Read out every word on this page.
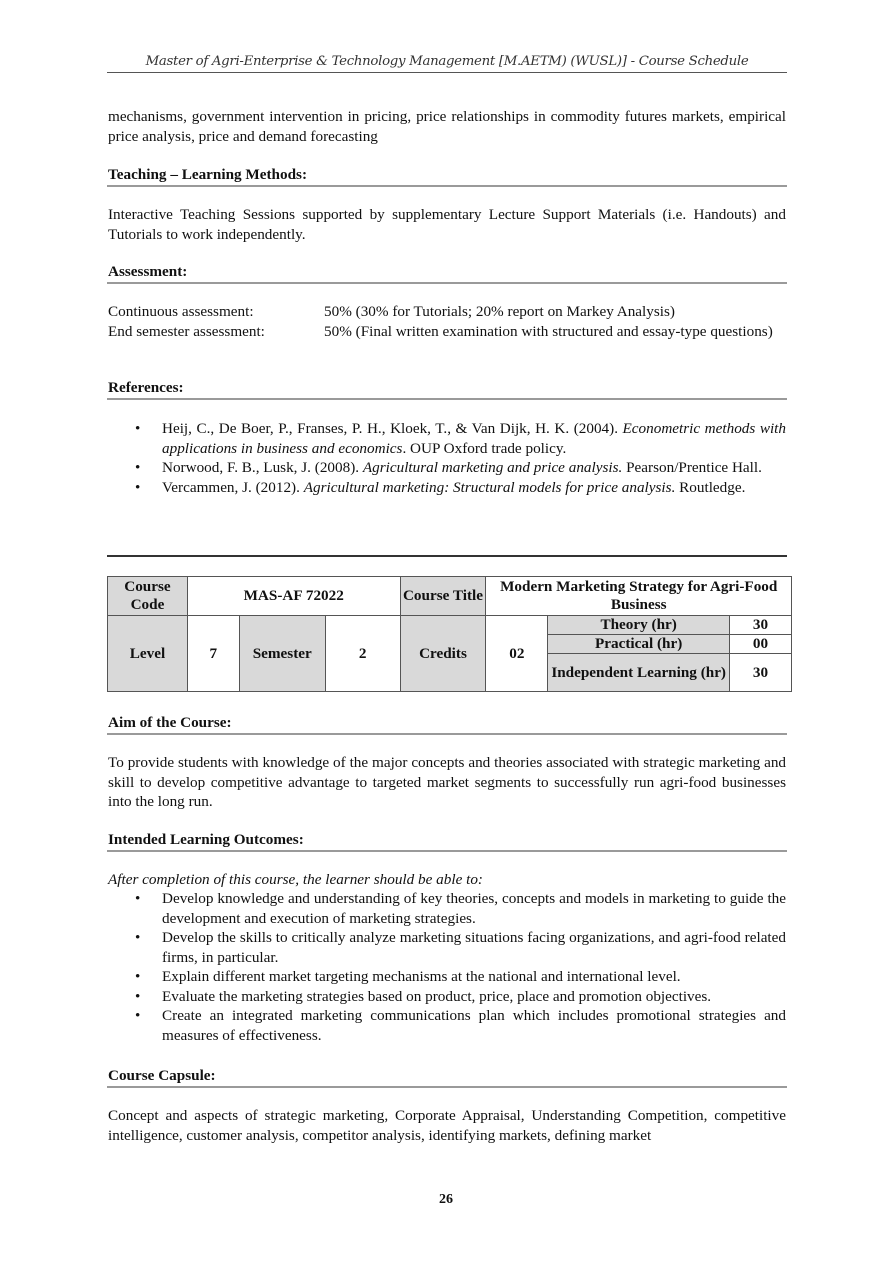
Master of Agri-Enterprise & Technology Management [M.AETM) (WUSL)] - Course Schedule
mechanisms, government intervention in pricing, price relationships in commodity futures markets, empirical price analysis, price and demand forecasting
Teaching – Learning Methods:
Interactive Teaching Sessions supported by supplementary Lecture Support Materials (i.e. Handouts) and Tutorials to work independently.
Assessment:
Continuous assessment:	50% (30% for Tutorials; 20% report on Markey Analysis)
End semester assessment:	50% (Final written examination with structured and essay-type questions)
References:
• Heij, C., De Boer, P., Franses, P. H., Kloek, T., & Van Dijk, H. K. (2004). Econometric methods with applications in business and economics. OUP Oxford trade policy.
• Norwood, F. B., Lusk, J. (2008). Agricultural marketing and price analysis. Pearson/Prentice Hall.
• Vercammen, J. (2012). Agricultural marketing: Structural models for price analysis. Routledge.
Course Code	MAS-AF 72022			Course Title	Modern Marketing Strategy for Agri-Food Business		
Level	7	Semester	2	Credits	02	Theory (hr)	30
						Practical (hr)	00
						Independent Learning (hr)	30
Aim of the Course:
To provide students with knowledge of the major concepts and theories associated with strategic marketing and skill to develop competitive advantage to targeted market segments to successfully run agri-food businesses into the long run.
Intended Learning Outcomes:
After completion of this course, the learner should be able to:
• Develop knowledge and understanding of key theories, concepts and models in marketing to guide the development and execution of marketing strategies.
• Develop the skills to critically analyze marketing situations facing organizations, and agri-food related firms, in particular.
• Explain different market targeting mechanisms at the national and international level.
• Evaluate the marketing strategies based on product, price, place and promotion objectives.
• Create an integrated marketing communications plan which includes promotional strategies and measures of effectiveness.
Course Capsule:
Concept and aspects of strategic marketing, Corporate Appraisal, Understanding Competition, competitive intelligence, customer analysis, competitor analysis, identifying markets, defining market
26
